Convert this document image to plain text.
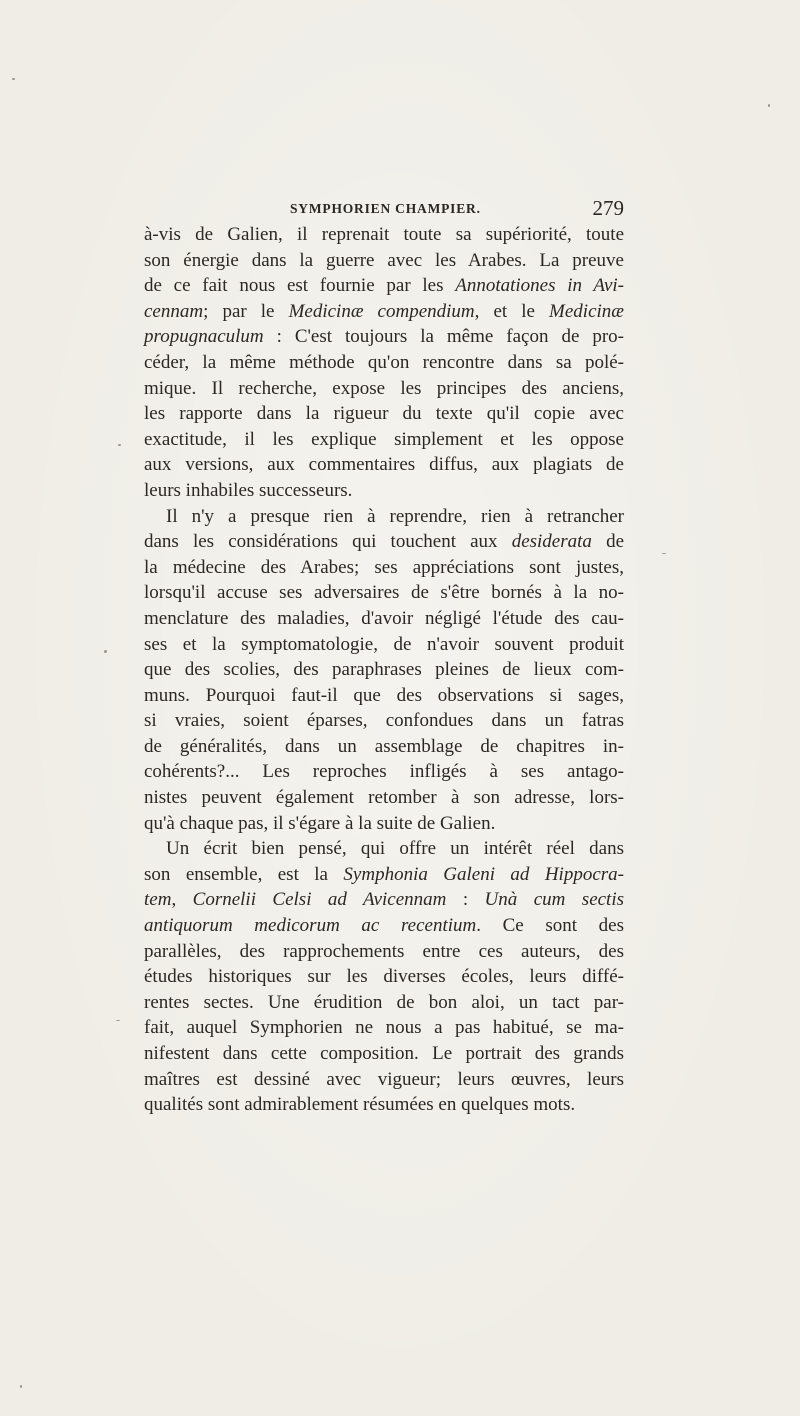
SYMPHORIEN CHAMPIER.	279
à-vis de Galien, il reprenait toute sa supériorité, toute
son énergie dans la guerre avec les Arabes. La preuve
de ce fait nous est fournie par les Annotationes in Avi-
cennam; par le Medicinæ compendium, et le Medicinæ
propugnaculum : C'est toujours la même façon de pro-
céder, la même méthode qu'on rencontre dans sa polé-
mique. Il recherche, expose les principes des anciens,
les rapporte dans la rigueur du texte qu'il copie avec
exactitude, il les explique simplement et les oppose
aux versions, aux commentaires diffus, aux plagiats de
leurs inhabiles successeurs.
Il n'y a presque rien à reprendre, rien à retrancher
dans les considérations qui touchent aux desiderata de
la médecine des Arabes; ses appréciations sont justes,
lorsqu'il accuse ses adversaires de s'être bornés à la no-
menclature des maladies, d'avoir négligé l'étude des cau-
ses et la symptomatologie, de n'avoir souvent produit
que des scolies, des paraphrases pleines de lieux com-
muns. Pourquoi faut-il que des observations si sages,
si vraies, soient éparses, confondues dans un fatras
de généralités, dans un assemblage de chapitres in-
cohérents?... Les reproches infligés à ses antago-
nistes peuvent également retomber à son adresse, lors-
qu'à chaque pas, il s'égare à la suite de Galien.
Un écrit bien pensé, qui offre un intérêt réel dans
son ensemble, est la Symphonia Galeni ad Hippocra-
tem, Cornelii Celsi ad Avicennam : Unà cum sectis
antiquorum medicorum ac recentium. Ce sont des
parallèles, des rapprochements entre ces auteurs, des
études historiques sur les diverses écoles, leurs diffé-
rentes sectes. Une érudition de bon aloi, un tact par-
fait, auquel Symphorien ne nous a pas habitué, se ma-
nifestent dans cette composition. Le portrait des grands
maîtres est dessiné avec vigueur; leurs œuvres, leurs
qualités sont admirablement résumées en quelques mots.
